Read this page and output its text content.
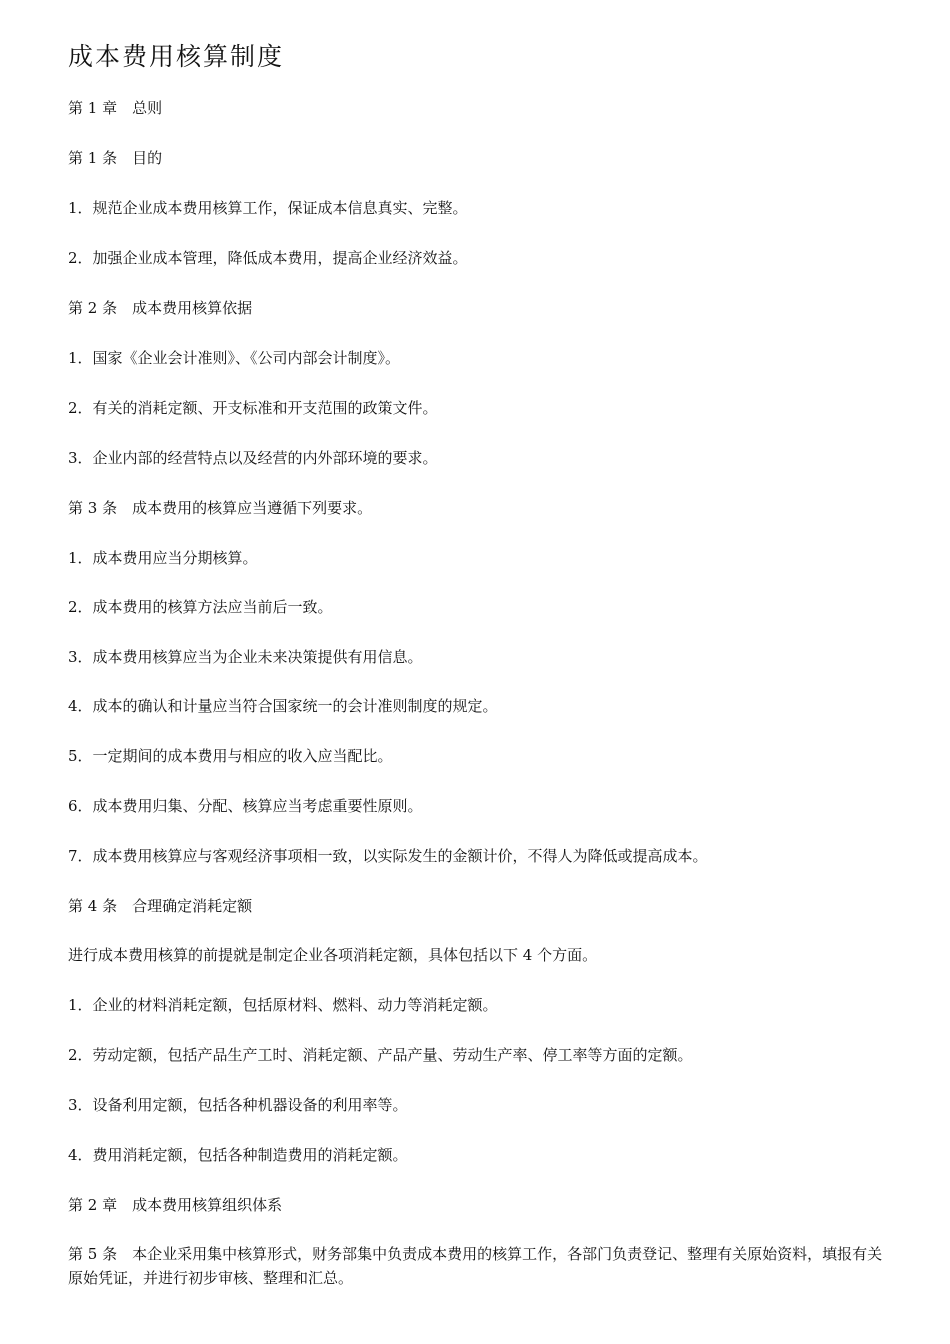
成本费用核算制度
第 1 章　总则
第 1 条　目的
1．规范企业成本费用核算工作，保证成本信息真实、完整。
2．加强企业成本管理，降低成本费用，提高企业经济效益。
第 2 条　成本费用核算依据
1．国家《企业会计准则》、《公司内部会计制度》。
2．有关的消耗定额、开支标准和开支范围的政策文件。
3．企业内部的经营特点以及经营的内外部环境的要求。
第 3 条　成本费用的核算应当遵循下列要求。
1．成本费用应当分期核算。
2．成本费用的核算方法应当前后一致。
3．成本费用核算应当为企业未来决策提供有用信息。
4．成本的确认和计量应当符合国家统一的会计准则制度的规定。
5．一定期间的成本费用与相应的收入应当配比。
6．成本费用归集、分配、核算应当考虑重要性原则。
7．成本费用核算应与客观经济事项相一致，以实际发生的金额计价，不得人为降低或提高成本。
第 4 条　合理确定消耗定额
进行成本费用核算的前提就是制定企业各项消耗定额，具体包括以下 4 个方面。
1．企业的材料消耗定额，包括原材料、燃料、动力等消耗定额。
2．劳动定额，包括产品生产工时、消耗定额、产品产量、劳动生产率、停工率等方面的定额。
3．设备利用定额，包括各种机器设备的利用率等。
4．费用消耗定额，包括各种制造费用的消耗定额。
第 2 章　成本费用核算组织体系
第 5 条　本企业采用集中核算形式，财务部集中负责成本费用的核算工作，各部门负责登记、整理有关原始资料，填报有关原始凭证，并进行初步审核、整理和汇总。
